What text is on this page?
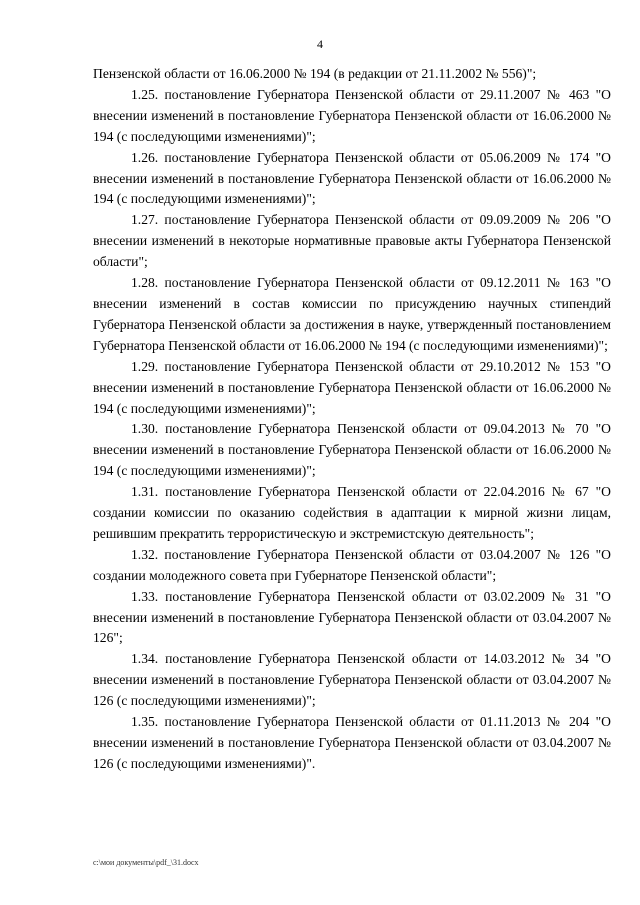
4

Пензенской области от 16.06.2000 № 194 (в редакции от 21.11.2002 № 556)";

1.25. постановление Губернатора Пензенской области от 29.11.2007 № 463 "О внесении изменений в постановление Губернатора Пензенской области от 16.06.2000 № 194 (с последующими изменениями)";

1.26. постановление Губернатора Пензенской области от 05.06.2009 № 174 "О внесении изменений в постановление Губернатора Пензенской области от 16.06.2000 № 194 (с последующими изменениями)";

1.27. постановление Губернатора Пензенской области от 09.09.2009 № 206 "О внесении изменений в некоторые нормативные правовые акты Губернатора Пензенской области";

1.28. постановление Губернатора Пензенской области от 09.12.2011 № 163 "О внесении изменений в состав комиссии по присуждению научных стипендий Губернатора Пензенской области за достижения в науке, утвержденный постановлением Губернатора Пензенской области от 16.06.2000 № 194 (с последующими изменениями)";

1.29. постановление Губернатора Пензенской области от 29.10.2012 № 153 "О внесении изменений в постановление Губернатора Пензенской области от 16.06.2000 № 194 (с последующими изменениями)";

1.30. постановление Губернатора Пензенской области от 09.04.2013 № 70 "О внесении изменений в постановление Губернатора Пензенской области от 16.06.2000 № 194 (с последующими изменениями)";

1.31. постановление Губернатора Пензенской области от 22.04.2016 № 67 "О создании комиссии по оказанию содействия в адаптации к мирной жизни лицам, решившим прекратить террористическую и экстремистскую деятельность";

1.32. постановление Губернатора Пензенской области от 03.04.2007 № 126 "О создании молодежного совета при Губернаторе Пензенской области";

1.33. постановление Губернатора Пензенской области от 03.02.2009 № 31 "О внесении изменений в постановление Губернатора Пензенской области от 03.04.2007 № 126";

1.34. постановление Губернатора Пензенской области от 14.03.2012 № 34 "О внесении изменений в постановление Губернатора Пензенской области от 03.04.2007 № 126 (с последующими изменениями)";

1.35. постановление Губернатора Пензенской области от 01.11.2013 № 204 "О внесении изменений в постановление Губернатора Пензенской области от 03.04.2007 № 126 (с последующими изменениями)".

c:\мои документы\pdf_\31.docx
